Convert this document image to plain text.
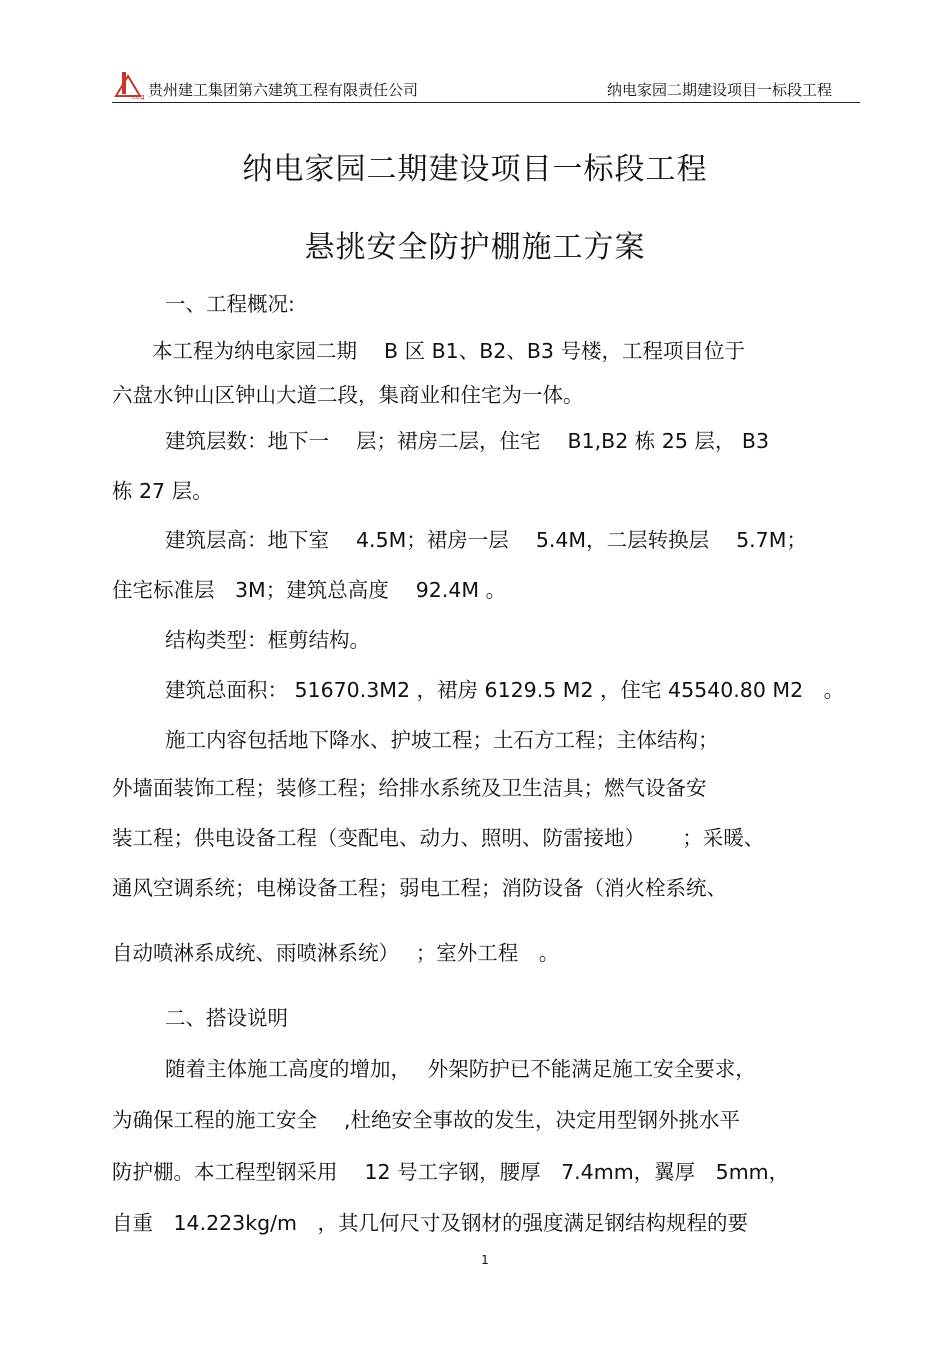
ceg 贵州建工集团第六建筑工程有限责任公司	纳电家园二期建设项目一标段工程
纳电家园二期建设项目一标段工程
悬挑安全防护棚施工方案
一、工程概况:
本工程为纳电家园二期　 B 区 B1、B2、B3 号楼，工程项目位于
六盘水钟山区钟山大道二段，集商业和住宅为一体。
建筑层数：地下一　 层；裙房二层，住宅　 B1,B2 栋 25 层， B3
栋 27 层。
建筑层高：地下室　 4.5M；裙房一层　 5.4M，二层转换层　 5.7M；
住宅标准层　3M；建筑总高度　 92.4M 。
结构类型：框剪结构。
建筑总面积： 51670.3M2 ，裙房 6129.5 M2 ，住宅 45540.80 M2　。
施工内容包括地下降水、护坡工程；土石方工程；主体结构；
外墙面装饰工程；装修工程；给排水系统及卫生洁具；燃气设备安
装工程；供电设备工程（变配电、动力、照明、防雷接地）　　 ；采暖、
通风空调系统；电梯设备工程；弱电工程；消防设备（消火栓系统、
自动喷淋系成统、雨喷淋系统）　 ；室外工程　。
二、搭设说明
随着主体施工高度的增加，　 外架防护已不能满足施工安全要求，
为确保工程的施工安全　 ,杜绝安全事故的发生，决定用型钢外挑水平
防护棚。本工程型钢采用　 12 号工字钢，腰厚　7.4mm，翼厚　5mm，
自重　14.223kg/m　，其几何尺寸及钢材的强度满足钢结构规程的要
1
